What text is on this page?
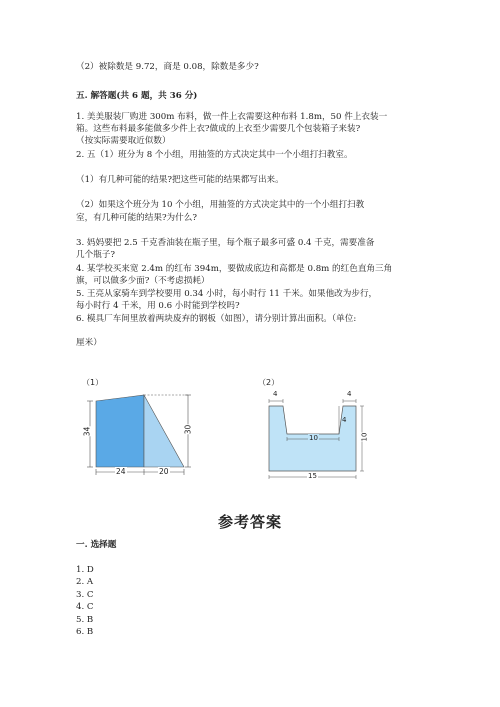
（2）被除数是 9.72，商是 0.08，除数是多少?
五. 解答题(共 6 题，共 36 分)
1. 美美服装厂购进 300m 布料，做一件上衣需要这种布料 1.8m，50 件上衣装一
箱。这些布料最多能做多少件上衣?做成的上衣至少需要几个包装箱子来装?
（按实际需要取近似数）
2. 五（1）班分为 8 个小组，用抽签的方式决定其中一个小组打扫教室。
（1）有几种可能的结果?把这些可能的结果都写出来。
（2）如果这个班分为 10 个小组，用抽签的方式决定其中的一个小组打扫教
室，有几种可能的结果?为什么?
3. 妈妈要把 2.5 千克香油装在瓶子里，每个瓶子最多可盛 0.4 千克，需要准备
几个瓶子?
4. 某学校买来宽 2.4m 的红布 394m，要做成底边和高都是 0.8m 的红色直角三角
旗，可以做多少面?（不考虑损耗）
5. 王亮从家骑车到学校要用 0.34 小时，每小时行 11 千米。如果他改为步行，
每小时行 4 千米，用 0.6 小时能到学校吗?
6. 模具厂车间里放着两块废弃的钢板（如图），请分别计算出面积。（单位:
厘米）
（1）
34	30
24	20
（2）
4	4
4
10	10
15
参考答案
一. 选择题
1. D
2. A
3. C
4. C
5. B
6. B
